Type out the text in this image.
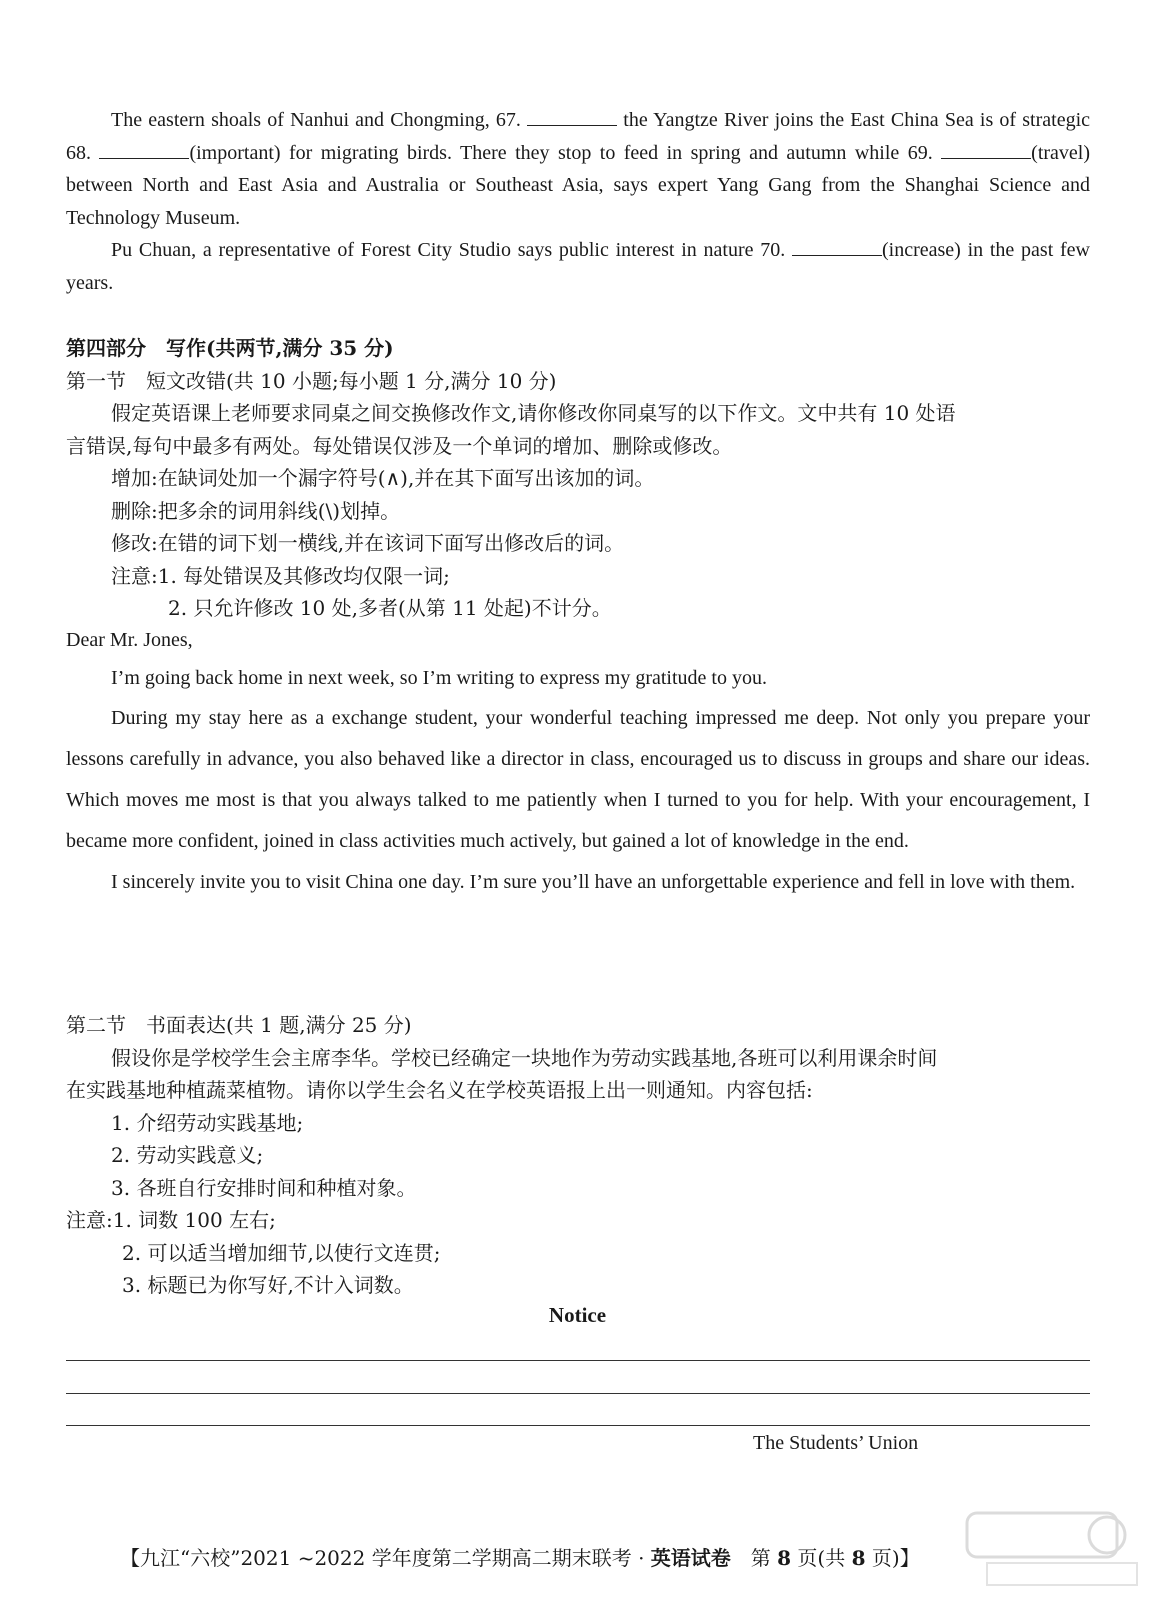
The eastern shoals of Nanhui and Chongming, 67.	the Yangtze River joins the East China Sea is of strategic 68.	(important) for migrating birds. There they stop to feed in spring and autumn while 69.	(travel) between North and East Asia and Australia or Southeast Asia, says expert Yang Gang from the Shanghai Science and Technology Museum.

Pu Chuan, a representative of Forest City Studio says public interest in nature 70.	(increase) in the past few years.

第四部分　写作(共两节,满分 35 分)
第一节　短文改错(共 10 小题;每小题 1 分,满分 10 分)
假定英语课上老师要求同桌之间交换修改作文,请你修改你同桌写的以下作文。文中共有 10 处语
言错误,每句中最多有两处。每处错误仅涉及一个单词的增加、删除或修改。
增加:在缺词处加一个漏字符号(∧),并在其下面写出该加的词。
删除:把多余的词用斜线(\)划掉。
修改:在错的词下划一横线,并在该词下面写出修改后的词。
注意:1. 每处错误及其修改均仅限一词;
2. 只允许修改 10 处,多者(从第 11 处起)不计分。

Dear Mr. Jones,

I’m going back home in next week, so I’m writing to express my gratitude to you.

During my stay here as a exchange student, your wonderful teaching impressed me deep. Not only you prepare your lessons carefully in advance, you also behaved like a director in class, encouraged us to discuss in groups and share our ideas. Which moves me most is that you always talked to me patiently when I turned to you for help. With your encouragement, I became more confident, joined in class activities much actively, but gained a lot of knowledge in the end.

I sincerely invite you to visit China one day. I’m sure you’ll have an unforgettable experience and fell in love with them.

第二节　书面表达(共 1 题,满分 25 分)
假设你是学校学生会主席李华。学校已经确定一块地作为劳动实践基地,各班可以利用课余时间
在实践基地种植蔬菜植物。请你以学生会名义在学校英语报上出一则通知。内容包括:
1. 介绍劳动实践基地;
2. 劳动实践意义;
3. 各班自行安排时间和种植对象。
注意:1. 词数 100 左右;
2. 可以适当增加细节,以使行文连贯;
3. 标题已为你写好,不计入词数。
Notice
The Students’ Union
【九江“六校”2021 ~2022 学年度第二学期高二期末联考 · 英语试卷　第 8 页(共 8 页)】
